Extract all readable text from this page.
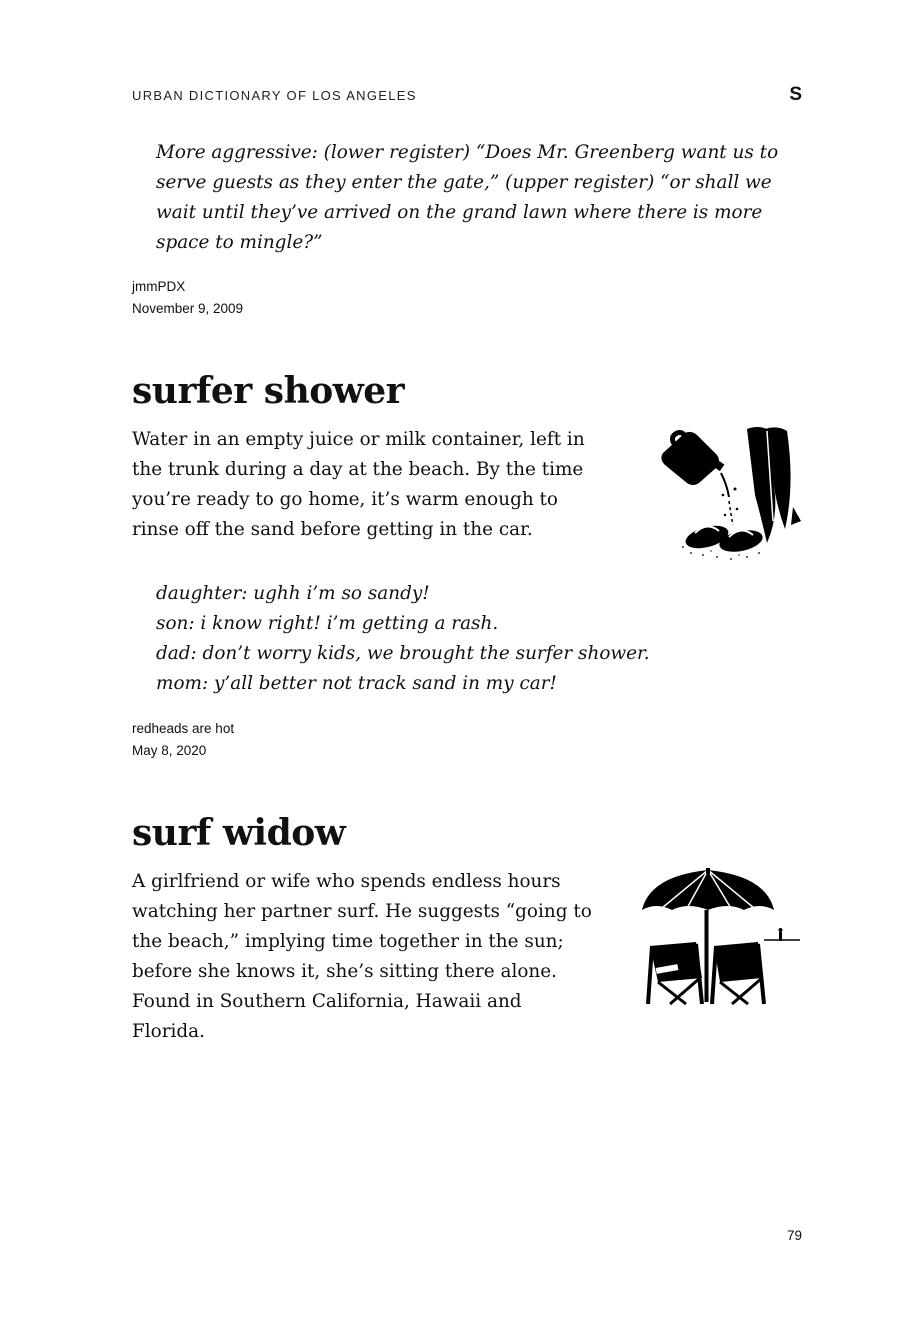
URBAN DICTIONARY OF LOS ANGELES	S
More aggressive: (lower register) “Does Mr. Greenberg want us to
serve guests as they enter the gate,” (upper register) “or shall we
wait until they’ve arrived on the grand lawn where there is more
space to mingle?”
jmmPDX
November 9, 2009
surfer shower
Water in an empty juice or milk container, left in
the trunk during a day at the beach. By the time
you’re ready to go home, it’s warm enough to
rinse off the sand before getting in the car.
daughter: ughh i’m so sandy!
son: i know right! i’m getting a rash.
dad: don’t worry kids, we brought the surfer shower.
mom: y’all better not track sand in my car!
redheads are hot
May 8, 2020
surf widow
A girlfriend or wife who spends endless hours
watching her partner surf. He suggests “going to
the beach,” implying time together in the sun;
before she knows it, she’s sitting there alone.
Found in Southern California, Hawaii and
Florida.
79
